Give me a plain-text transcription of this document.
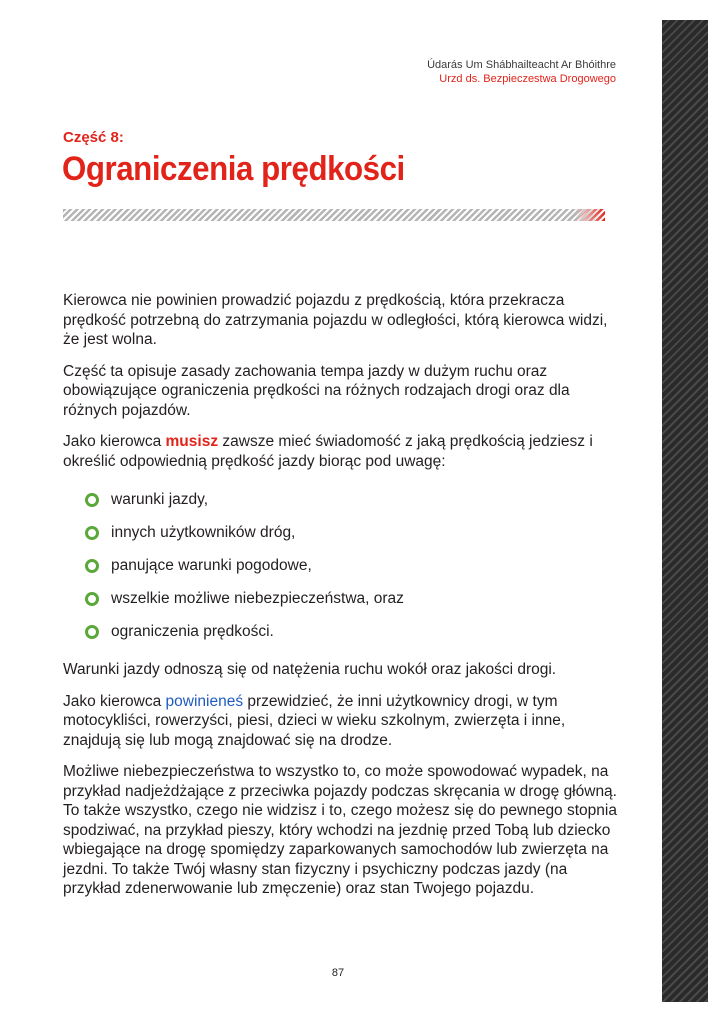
Údarás Um Shábhailteacht Ar Bhóithre
Urzd ds. Bezpieczestwa Drogowego
Część 8:
Ograniczenia prędkości

Kierowca nie powinien prowadzić pojazdu z prędkością, która przekracza prędkość potrzebną do zatrzymania pojazdu w odległości, którą kierowca widzi, że jest wolna.

Część ta opisuje zasady zachowania tempa jazdy w dużym ruchu oraz obowiązujące ograniczenia prędkości na różnych rodzajach drogi oraz dla różnych pojazdów.

Jako kierowca musisz zawsze mieć świadomość z jaką prędkością jedziesz i określić odpowiednią prędkość jazdy biorąc pod uwagę:

warunki jazdy,
innych użytkowników dróg,
panujące warunki pogodowe,
wszelkie możliwe niebezpieczeństwa, oraz
ograniczenia prędkości.

Warunki jazdy odnoszą się od natężenia ruchu wokół oraz jakości drogi.

Jako kierowca powinieneś przewidzieć, że inni użytkownicy drogi, w tym motocykliści, rowerzyści, piesi, dzieci w wieku szkolnym, zwierzęta i inne, znajdują się lub mogą znajdować się na drodze.

Możliwe niebezpieczeństwa to wszystko to, co może spowodować wypadek, na przykład nadjeżdżające z przeciwka pojazdy podczas skręcania w drogę główną. To także wszystko, czego nie widzisz i to, czego możesz się do pewnego stopnia spodziwać, na przykład pieszy, który wchodzi na jezdnię przed Tobą lub dziecko wbiegające na drogę spomiędzy zaparkowanych samochodów lub zwierzęta na jezdni. To także Twój własny stan fizyczny i psychiczny podczas jazdy (na przykład zdenerwowanie lub zmęczenie) oraz stan Twojego pojazdu.

87
